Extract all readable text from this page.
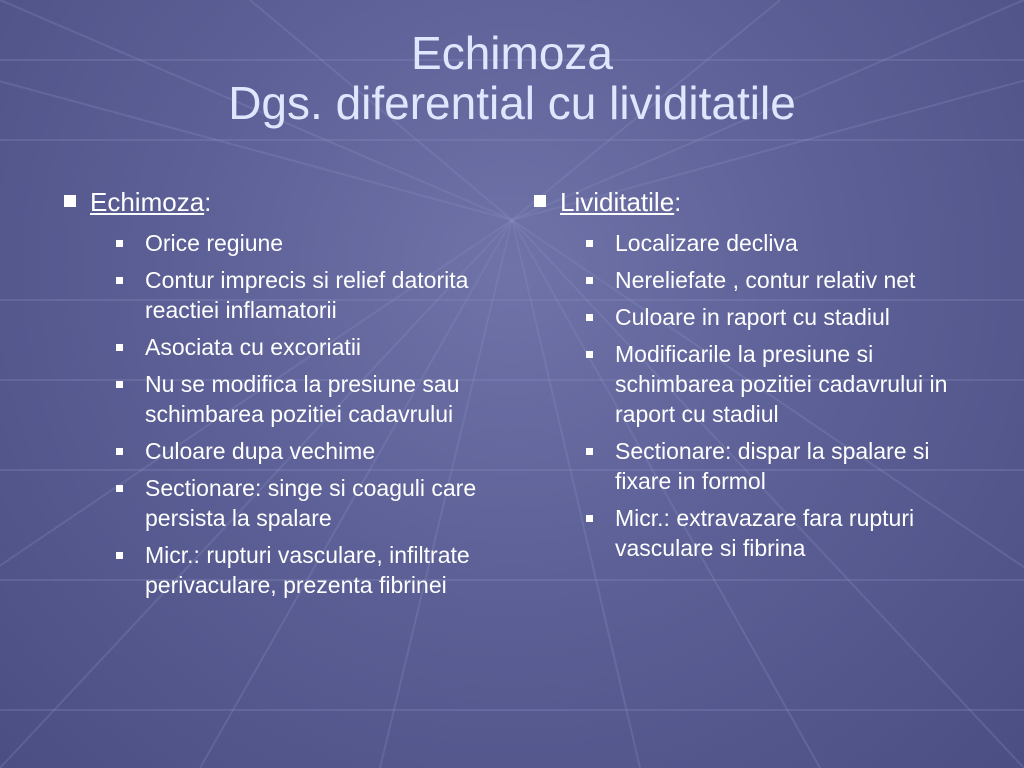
Echimoza
Dgs. diferential cu lividitatile
Echimoza:
Orice regiune
Contur imprecis si relief datorita reactiei inflamatorii
Asociata cu excoriatii
Nu se modifica la presiune sau schimbarea pozitiei cadavrului
Culoare dupa vechime
Sectionare: singe si coaguli care persista la spalare
Micr.: rupturi vasculare, infiltrate perivaculare, prezenta fibrinei
Lividitatile:
Localizare decliva
Nereliefate , contur relativ net
Culoare in raport cu stadiul
Modificarile la presiune si schimbarea pozitiei cadavrului in raport cu stadiul
Sectionare: dispar la spalare si fixare in formol
Micr.: extravazare fara rupturi vasculare si fibrina
